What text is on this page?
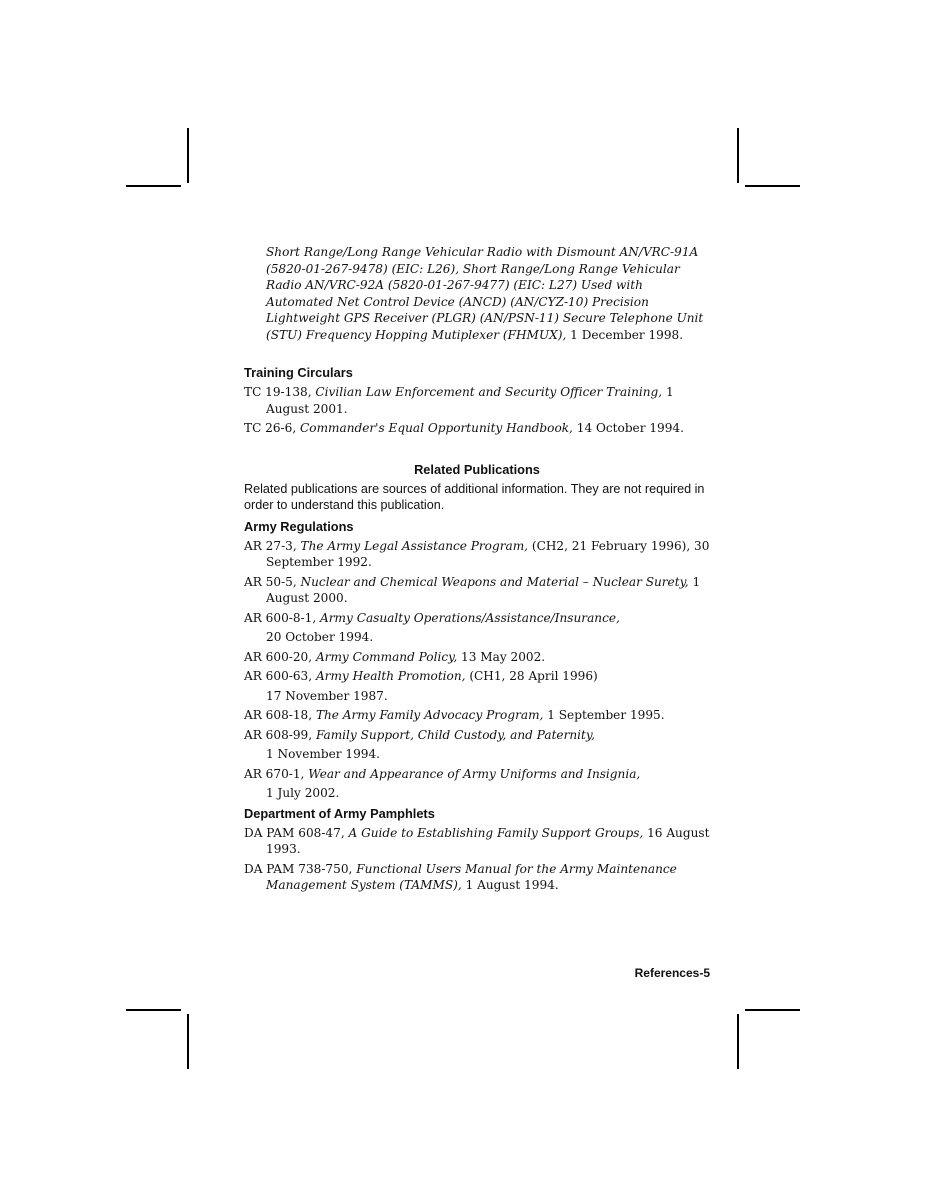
Short Range/Long Range Vehicular Radio with Dismount AN/VRC-91A (5820-01-267-9478) (EIC: L26), Short Range/Long Range Vehicular Radio AN/VRC-92A (5820-01-267-9477) (EIC: L27) Used with Automated Net Control Device (ANCD) (AN/CYZ-10) Precision Lightweight GPS Receiver (PLGR) (AN/PSN-11) Secure Telephone Unit (STU) Frequency Hopping Mutiplexer (FHMUX), 1 December 1998.

Training Circulars

TC 19-138, Civilian Law Enforcement and Security Officer Training, 1 August 2001.

TC 26-6, Commander's Equal Opportunity Handbook, 14 October 1994.

Related Publications

Related publications are sources of additional information. They are not required in order to understand this publication.

Army Regulations

AR 27-3, The Army Legal Assistance Program, (CH2, 21 February 1996), 30 September 1992.

AR 50-5, Nuclear and Chemical Weapons and Material – Nuclear Surety, 1 August 2000.

AR 600-8-1, Army Casualty Operations/Assistance/Insurance,
20 October 1994.

AR 600-20, Army Command Policy, 13 May 2002.

AR 600-63, Army Health Promotion, (CH1, 28 April 1996)
17 November 1987.

AR 608-18, The Army Family Advocacy Program, 1 September 1995.

AR 608-99, Family Support, Child Custody, and Paternity,
1 November 1994.

AR 670-1, Wear and Appearance of Army Uniforms and Insignia,
1 July 2002.

Department of Army Pamphlets

DA PAM 608-47, A Guide to Establishing Family Support Groups, 16 August 1993.

DA PAM 738-750, Functional Users Manual for the Army Maintenance Management System (TAMMS), 1 August 1994.

References-5
